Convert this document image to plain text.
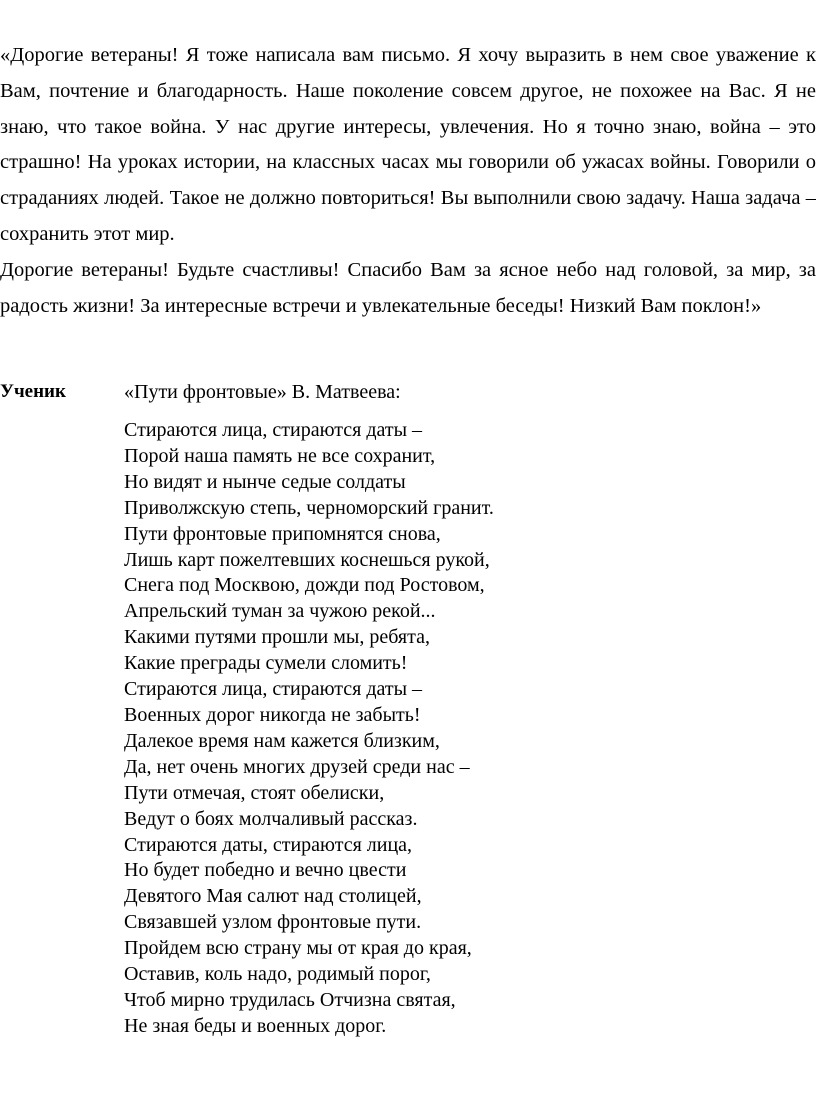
«Дорогие ветераны! Я тоже написала вам письмо. Я хочу выразить в нем свое уважение к Вам, почтение и благодарность. Наше поколение совсем другое, не похожее на Вас. Я не знаю, что такое война. У нас другие интересы, увлечения. Но я точно знаю, война – это страшно! На уроках истории, на классных часах мы говорили об ужасах войны. Говорили о страданиях людей. Такое не должно повториться! Вы выполнили свою задачу. Наша задача – сохранить этот мир.

Дорогие ветераны! Будьте счастливы! Спасибо Вам за ясное небо над головой, за мир, за радость жизни! За интересные встречи и увлекательные беседы! Низкий Вам поклон!»

Ученик	«Пути фронтовые» В. Матвеева:

Стираются лица, стираются даты –
Порой наша память не все сохранит,
Но видят и нынче седые солдаты
Приволжскую степь, черноморский гранит.
Пути фронтовые припомнятся снова,
Лишь карт пожелтевших коснешься рукой,
Снега под Москвою, дожди под Ростовом,
Апрельский туман за чужою рекой...
Какими путями прошли мы, ребята,
Какие преграды сумели сломить!
Стираются лица, стираются даты –
Военных дорог никогда не забыть!
Далекое время нам кажется близким,
Да, нет очень многих друзей среди нас –
Пути отмечая, стоят обелиски,
Ведут о боях молчаливый рассказ.
Стираются даты, стираются лица,
Но будет победно и вечно цвести
Девятого Мая салют над столицей,
Связавшей узлом фронтовые пути.
Пройдем всю страну мы от края до края,
Оставив, коль надо, родимый порог,
Чтоб мирно трудилась Отчизна святая,
Не зная беды и военных дорог.
